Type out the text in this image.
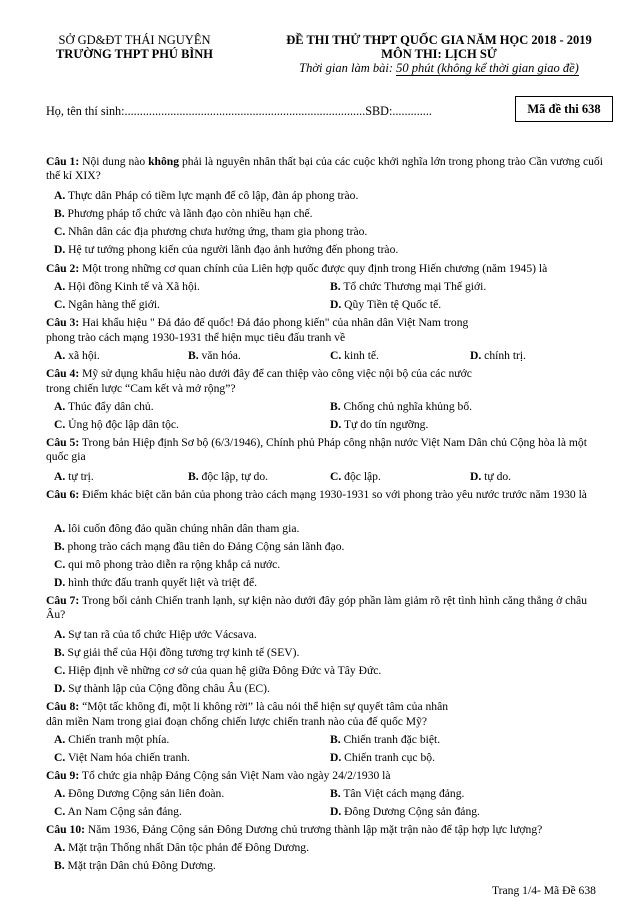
SỞ GD&ĐT THÁI NGUYÊN
TRƯỜNG THPT PHÚ BÌNH
ĐỀ THI THỬ THPT QUỐC GIA NĂM HỌC 2018 - 2019
MÔN THI: LỊCH SỬ
Thời gian làm bài: 50 phút (không kể thời gian giao đề)
Họ, tên thí sinh:...............................................................................SBD:.............	Mã đề thi 638
Câu 1: Nội dung nào không phải là nguyên nhân thất bại của các cuộc khởi nghĩa lớn trong phong trào Cần vương cuối thế kỉ XIX?
A. Thực dân Pháp có tiềm lực mạnh để cô lập, đàn áp phong trào.
B. Phương pháp tổ chức và lãnh đạo còn nhiều hạn chế.
C. Nhân dân các địa phương chưa hưởng ứng, tham gia phong trào.
D. Hệ tư tưởng phong kiến của người lãnh đạo ảnh hưởng đến phong trào.
Câu 2: Một trong những cơ quan chính của Liên hợp quốc được quy định trong Hiến chương (năm 1945) là
A. Hội đồng Kinh tế và Xã hội.	B. Tổ chức Thương mại Thế giới.
C. Ngân hàng thế giới.	D. Qũy Tiền tệ Quốc tế.
Câu 3: Hai khẩu hiệu " Đả đảo đế quốc! Đả đảo phong kiến" của nhân dân Việt Nam trong
phong trào cách mạng 1930-1931 thể hiện mục tiêu đấu tranh về
A. xã hội.	B. văn hóa.	C. kinh tế.	D. chính trị.
Câu 4: Mỹ sử dụng khẩu hiệu nào dưới đây để can thiệp vào công việc nội bộ của các nước
trong chiến lược “Cam kết và mở rộng”?
A. Thúc đẩy dân chủ.	B. Chống chủ nghĩa khủng bố.
C. Ủng hộ độc lập dân tộc.	D. Tự do tín ngưỡng.
Câu 5: Trong bản Hiệp định Sơ bộ (6/3/1946), Chính phủ Pháp công nhận nước Việt Nam Dân chủ Cộng hòa là một quốc gia
A. tự trị.	B. độc lập, tự do.	C. độc lập.	D. tự do.
Câu 6: Điểm khác biệt căn bản của phong trào cách mạng 1930-1931 so với phong trào yêu nước trước năm 1930 là
A. lôi cuốn đông đảo quần chúng nhân dân tham gia.
B. phong trào cách mạng đầu tiên do Đảng Cộng sản lãnh đạo.
C. qui mô phong trào diễn ra rộng khắp cả nước.
D. hình thức đấu tranh quyết liệt và triệt để.
Câu 7: Trong bối cảnh Chiến tranh lạnh, sự kiện nào dưới đây góp phần làm giảm rõ rệt tình hình căng thẳng ở châu Âu?
A. Sự tan rã của tổ chức Hiệp ước Vácsava.
B. Sự giải thể của Hội đồng tương trợ kinh tế (SEV).
C. Hiệp định về những cơ sở của quan hệ giữa Đông Đức và Tây Đức.
D. Sự thành lập của Cộng đồng châu Âu (EC).
Câu 8: “Một tấc không đi, một li không rời” là câu nói thể hiện sự quyết tâm của nhân
dân miền Nam trong giai đoạn chống chiến lược chiến tranh nào của đế quốc Mỹ?
A. Chiến tranh một phía.	B. Chiến tranh đặc biệt.
C. Việt Nam hóa chiến tranh.	D. Chiến tranh cục bộ.
Câu 9: Tổ chức gia nhập Đảng Cộng sản Việt Nam vào ngày 24/2/1930 là
A. Đông Dương Cộng sản liên đoàn.	B. Tân Việt cách mạng đảng.
C. An Nam Cộng sản đảng.	D. Đông Dương Cộng sản đảng.
Câu 10: Năm 1936, Đảng Cộng sản Đông Dương chủ trương thành lập mặt trận nào để tập hợp lực lượng?
A. Mặt trận Thống nhất Dân tộc phản đế Đông Dương.
B. Mặt trận Dân chủ Đông Dương.
Trang 1/4- Mã Đề 638
